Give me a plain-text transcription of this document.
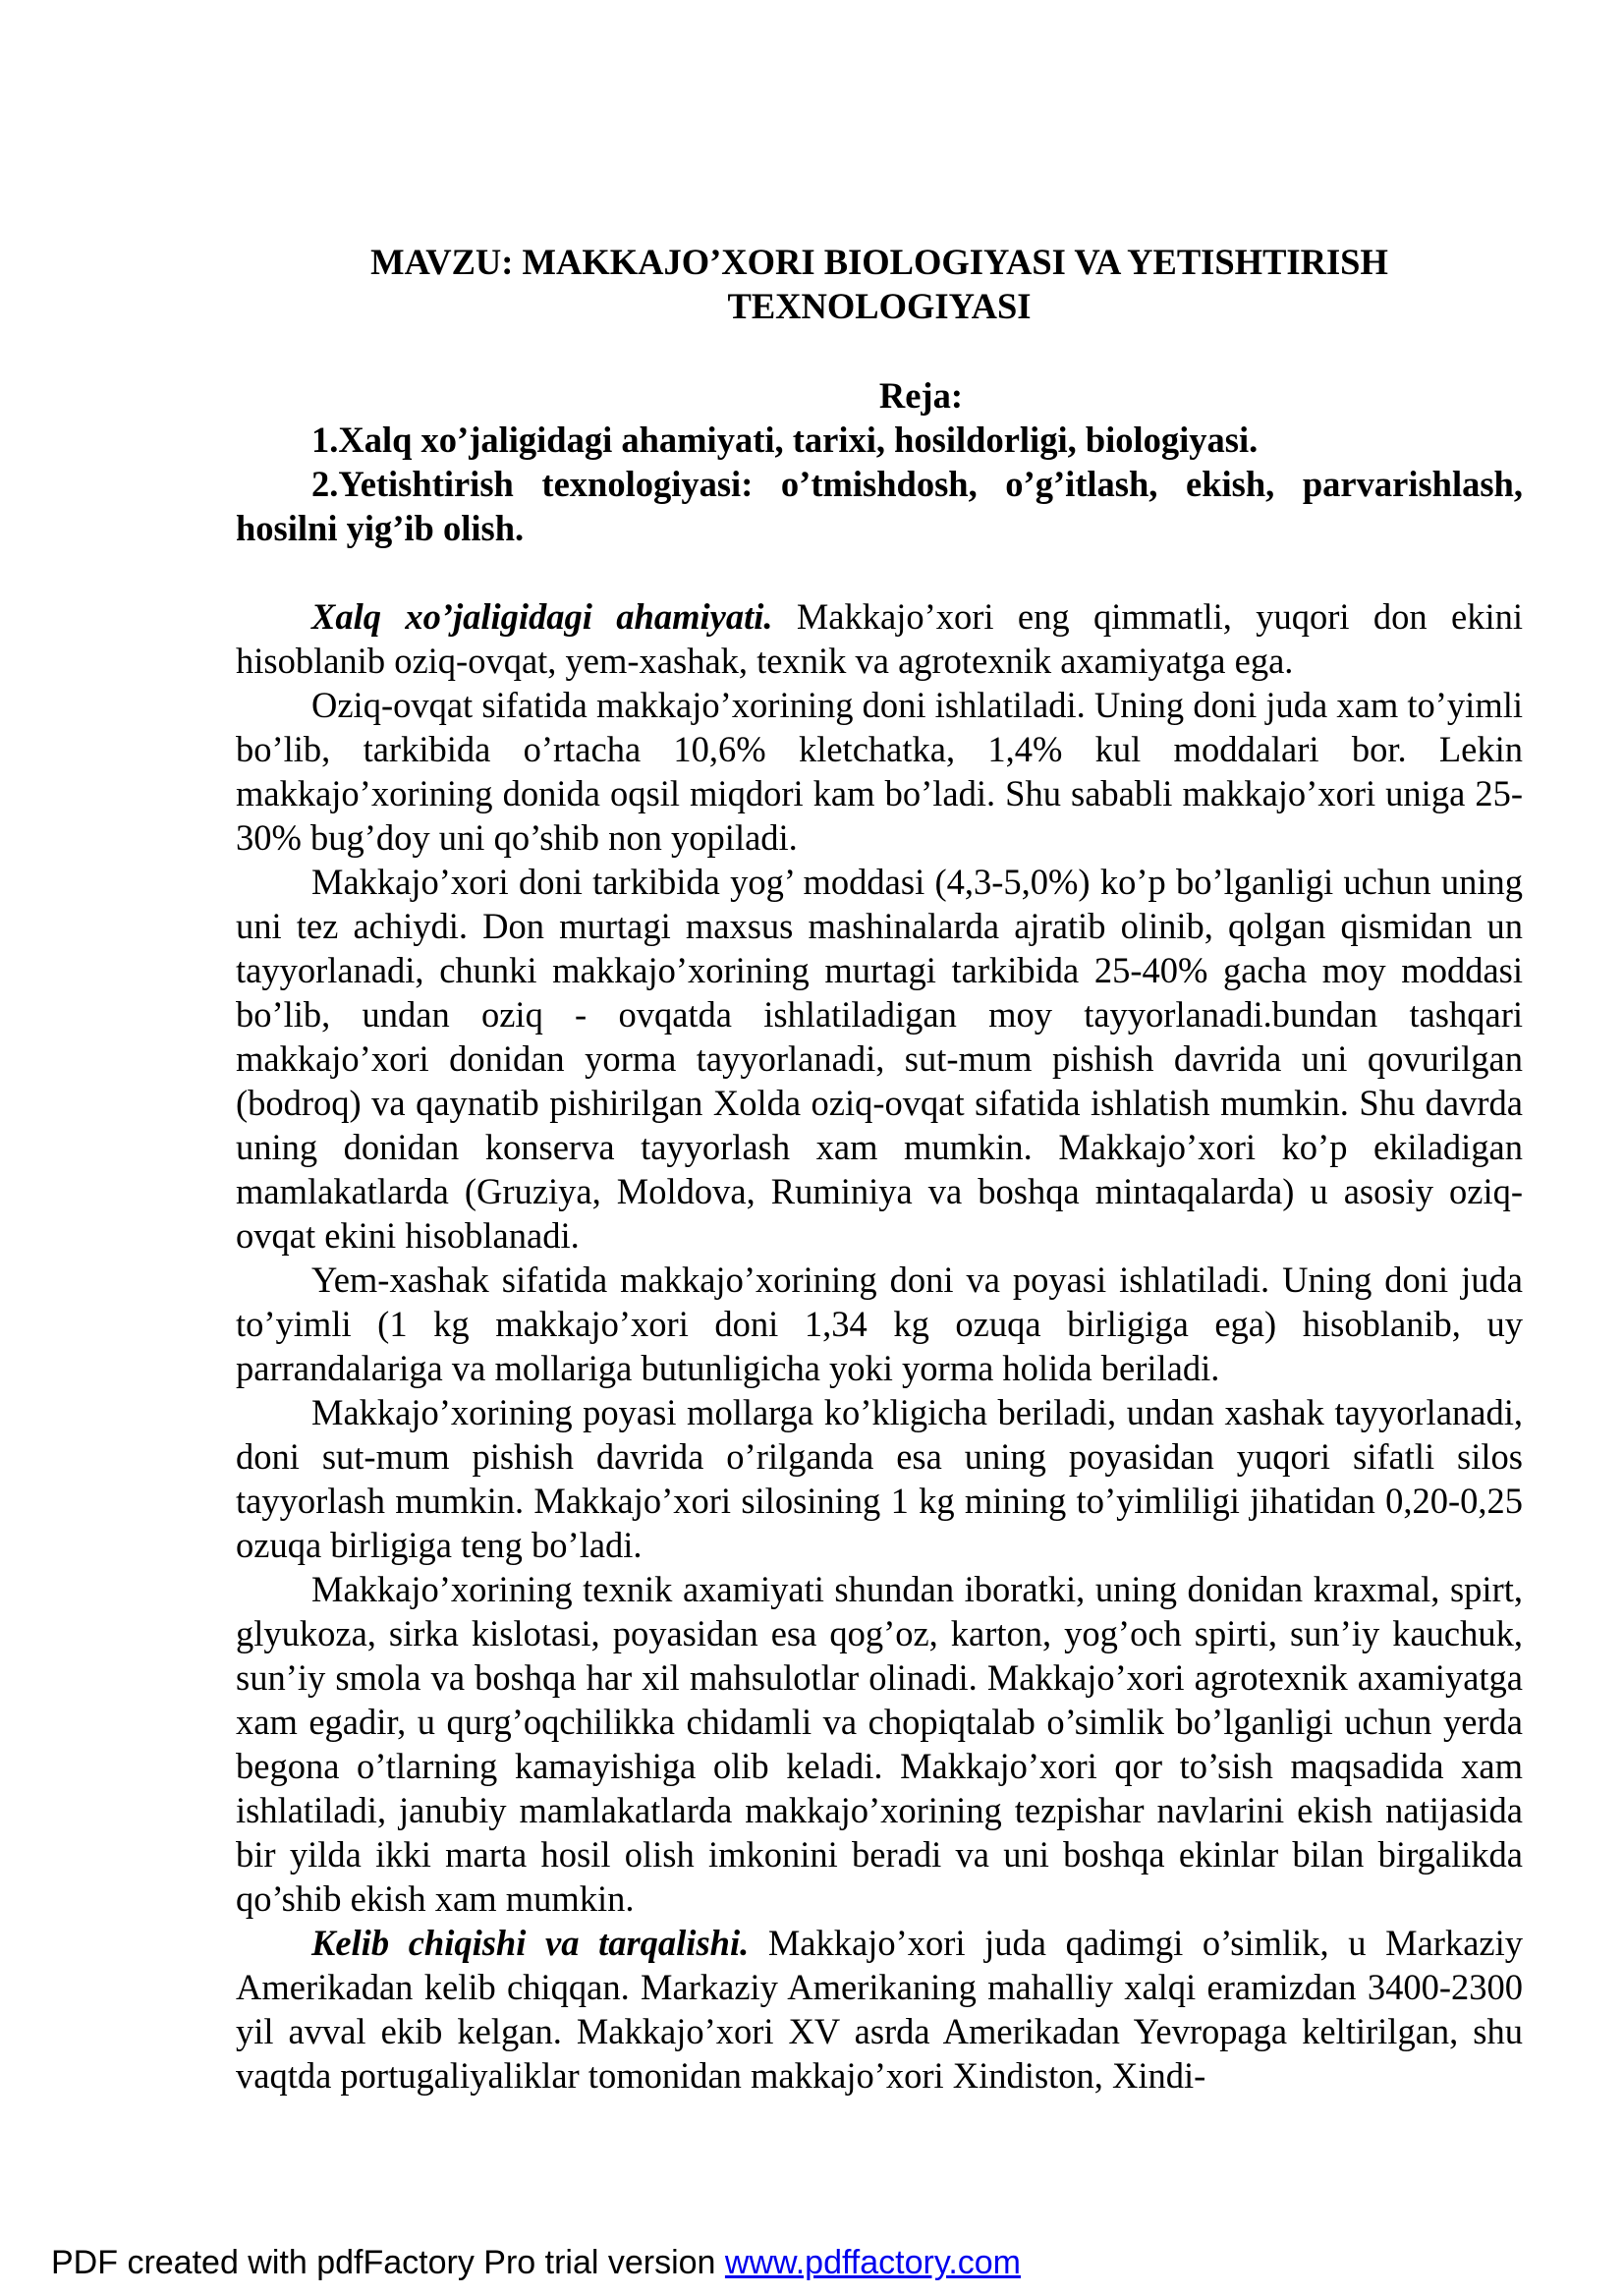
MAVZU: MAKKAJO’XORI BIOLOGIYASI VA YETISHTIRISH TEXNOLOGIYASI

Reja:

1.Xalq xo’jaligidagi ahamiyati, tarixi, hosildorligi, biologiyasi.

2.Yetishtirish texnologiyasi: o’tmishdosh, o’g’itlash, ekish, parvarishlash, hosilni yig’ib olish.

Xalq xo’jaligidagi ahamiyati. Makkajo’xori eng qimmatli, yuqori don ekini hisoblanib oziq-ovqat, yem-xashak, texnik va agrotexnik axamiyatga ega.

Oziq-ovqat sifatida makkajo’xorining doni ishlatiladi. Uning doni juda xam to’yimli bo’lib, tarkibida o’rtacha 10,6% kletchatka, 1,4% kul moddalari bor. Lekin makkajo’xorining donida oqsil miqdori kam bo’ladi. Shu sababli makkajo’xori uniga 25-30% bug’doy uni qo’shib non yopiladi.

Makkajo’xori doni tarkibida yog’ moddasi (4,3-5,0%) ko’p bo’lganligi uchun uning uni tez achiydi. Don murtagi maxsus mashinalarda ajratib olinib, qolgan qismidan un tayyorlanadi, chunki makkajo’xorining murtagi tarkibida 25-40% gacha moy moddasi bo’lib, undan oziq - ovqatda ishlatiladigan moy tayyorlanadi.bundan tashqari makkajo’xori donidan yorma tayyorlanadi, sut-mum pishish davrida uni qovurilgan (bodroq) va qaynatib pishirilgan Xolda oziq-ovqat sifatida ishlatish mumkin. Shu davrda uning donidan konserva tayyorlash xam mumkin. Makkajo’xori ko’p ekiladigan mamlakatlarda (Gruziya, Moldova, Ruminiya va boshqa mintaqalarda) u asosiy oziq-ovqat ekini hisoblanadi.

Yem-xashak sifatida makkajo’xorining doni va poyasi ishlatiladi. Uning doni juda to’yimli (1 kg makkajo’xori doni 1,34 kg ozuqa birligiga ega) hisoblanib, uy parrandalariga va mollariga butunligicha yoki yorma holida beriladi.

Makkajo’xorining poyasi mollarga ko’kligicha beriladi, undan xashak tayyorlanadi, doni sut-mum pishish davrida o’rilganda esa uning poyasidan yuqori sifatli silos tayyorlash mumkin. Makkajo’xori silosining 1 kg mining to’yimliligi jihatidan 0,20-0,25 ozuqa birligiga teng bo’ladi.

Makkajo’xorining texnik axamiyati shundan iboratki, uning donidan kraxmal, spirt, glyukoza, sirka kislotasi, poyasidan esa qog’oz, karton, yog’och spirti, sun’iy kauchuk, sun’iy smola va boshqa har xil mahsulotlar olinadi. Makkajo’xori agrotexnik axamiyatga xam egadir, u qurg’oqchilikka chidamli va chopiqtalab o’simlik bo’lganligi uchun yerda begona o’tlarning kamayishiga olib keladi. Makkajo’xori qor to’sish maqsadida xam ishlatiladi, janubiy mamlakatlarda makkajo’xorining tezpishar navlarini ekish natijasida bir yilda ikki marta hosil olish imkonini beradi va uni boshqa ekinlar bilan birgalikda qo’shib ekish xam mumkin.

Kelib chiqishi va tarqalishi. Makkajo’xori juda qadimgi o’simlik, u Markaziy Amerikadan kelib chiqqan. Markaziy Amerikaning mahalliy xalqi eramizdan 3400-2300 yil avval ekib kelgan. Makkajo’xori XV asrda Amerikadan Yevropaga keltirilgan, shu vaqtda portugaliyaliklar tomonidan makkajo’xori Xindiston, Xindi-

PDF created with pdfFactory Pro trial version www.pdffactory.com
